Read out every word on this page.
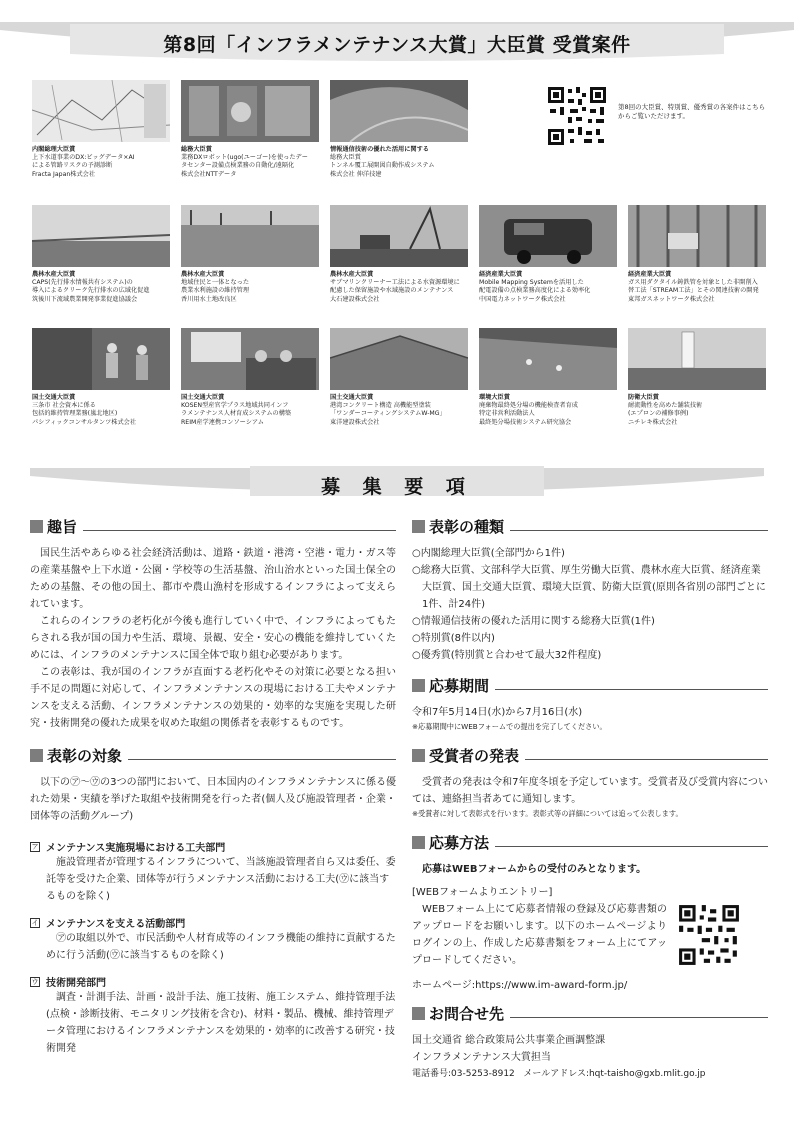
第8回「インフラメンテナンス大賞」大臣賞 受賞案件
内閣総理大臣賞
上下水道事業のDX:ビッグデータ×AI
による管路リスクの予測診断
Fracta Japan株式会社
総務大臣賞
業務DXロボット(ugo(ユーゴー)を使ったデー
タセンター設備点検業務の自動化/遠隔化
株式会社NTTデータ
情報通信技術の優れた活用に関する
総務大臣賞
トンネル覆工展開図自動作成システム
株式会社 伸洋技建
第8回の大臣賞、特別賞、優秀賞の各案件はこちらからご覧いただけます。
農林水産大臣賞
CAPS(先行排水情報共有システム)の
導入によるクリーク先行排水の広域化促進
筑後川下流域農業開発事業促進協議会
農林水産大臣賞
地域住民と一体となった
農業水利施設の維持管理
香川用水土地改良区
農林水産大臣賞
サブマリンクリーナー工法による水資源環境に
配慮した保留施設や水域施設のメンテナンス
大石建設株式会社
経済産業大臣賞
Mobile Mapping Systemを活用した
配電設備の点検業務高度化による効率化
中国電力ネットワーク株式会社
経済産業大臣賞
ガス用ダクタイル鋳鉄管を対象とした非開削入
替工法「STREAM工法」とその関連技術の開発
東邦ガスネットワーク株式会社
国土交通大臣賞
三条市 社会資本に係る
包括的維持管理業務(嵐北地区)
パシフィックコンサルタンツ株式会社
国土交通大臣賞
KOSEN型産官学プラス地域共同インフ
ラメンテナンス人材育成システムの構築
REIM産学連携コンソーシアム
国土交通大臣賞
港湾コンクリート構造 高機能型塗装
「ワンダーコーティングシステムW-MG」
東洋建設株式会社
環境大臣賞
廃棄物最終処分場の機能検査者育成
特定非営利活動法人
最終処分場技術システム研究協会
防衛大臣賞
耐流動性を高めた舗装技術
(エプロンの補修事例)
ニチレキ株式会社
募 集 要 項
趣旨

国民生活やあらゆる社会経済活動は、道路・鉄道・港湾・空港・電力・ガス等の産業基盤や上下水道・公園・学校等の生活基盤、治山治水といった国土保全のための基盤、その他の国土、都市や農山漁村を形成するインフラによって支えられています。

これらのインフラの老朽化が今後も進行していく中で、インフラによってもたらされる我が国の国力や生活、環境、景観、安全・安心の機能を維持していくためには、インフラのメンテナンスに国全体で取り組む必要があります。

この表彰は、我が国のインフラが直面する老朽化やその対策に必要となる担い手不足の問題に対応して、インフラメンテナンスの現場における工夫やメンテナンスを支える活動、インフラメンテナンスの効果的・効率的な実施を実現した研究・技術開発の優れた成果を収めた取組の関係者を表彰するものです。

表彰の対象

以下の㋐〜㋒の3つの部門において、日本国内のインフラメンテナンスに係る優れた効果・実績を挙げた取組や技術開発を行った者(個人及び施設管理者・企業・団体等の活動グループ)

ア メンテナンス実施現場における工夫部門

施設管理者が管理するインフラについて、当該施設管理者自ら又は委任、委託等を受けた企業、団体等が行うメンテナンス活動における工夫(㋒に該当するものを除く)

イ メンテナンスを支える活動部門

㋐の取組以外で、市民活動や人材育成等のインフラ機能の維持に貢献するために行う活動(㋒に該当するものを除く)

ウ 技術開発部門

調査・計測手法、計画・設計手法、施工技術、施工システム、維持管理手法(点検・診断技術、モニタリング技術を含む)、材料・製品、機械、維持管理データ管理におけるインフラメンテナンスを効果的・効率的に改善する研究・技術開発

表彰の種類
○内閣総理大臣賞(全部門から1件)
○総務大臣賞、文部科学大臣賞、厚生労働大臣賞、農林水産大臣賞、経済産業大臣賞、国土交通大臣賞、環境大臣賞、防衛大臣賞(原則各省別の部門ごとに1件、計24件)
○情報通信技術の優れた活用に関する総務大臣賞(1件)
○特別賞(8件以内)
○優秀賞(特別賞と合わせて最大32件程度)
応募期間

令和7年5月14日(水)から7月16日(水)

※応募期間中にWEBフォームでの提出を完了してください。

受賞者の発表

受賞者の発表は令和7年度冬頃を予定しています。受賞者及び受賞内容については、連絡担当者あてに通知します。

※受賞者に対して表彰式を行います。表彰式等の詳細については追って公表します。

応募方法

応募はWEBフォームからの受付のみとなります。

[WEBフォームよりエントリー]

WEBフォーム上にて応募者情報の登録及び応募書類のアップロードをお願いします。以下のホームページよりログインの上、作成した応募書類をフォーム上にてアップロードしてください。

ホームページ:https://www.im-award-form.jp/

お問合せ先

国土交通省 総合政策局公共事業企画調整課

インフラメンテナンス大賞担当

電話番号:03-5253-8912 メールアドレス:hqt-taisho@gxb.mlit.go.jp
